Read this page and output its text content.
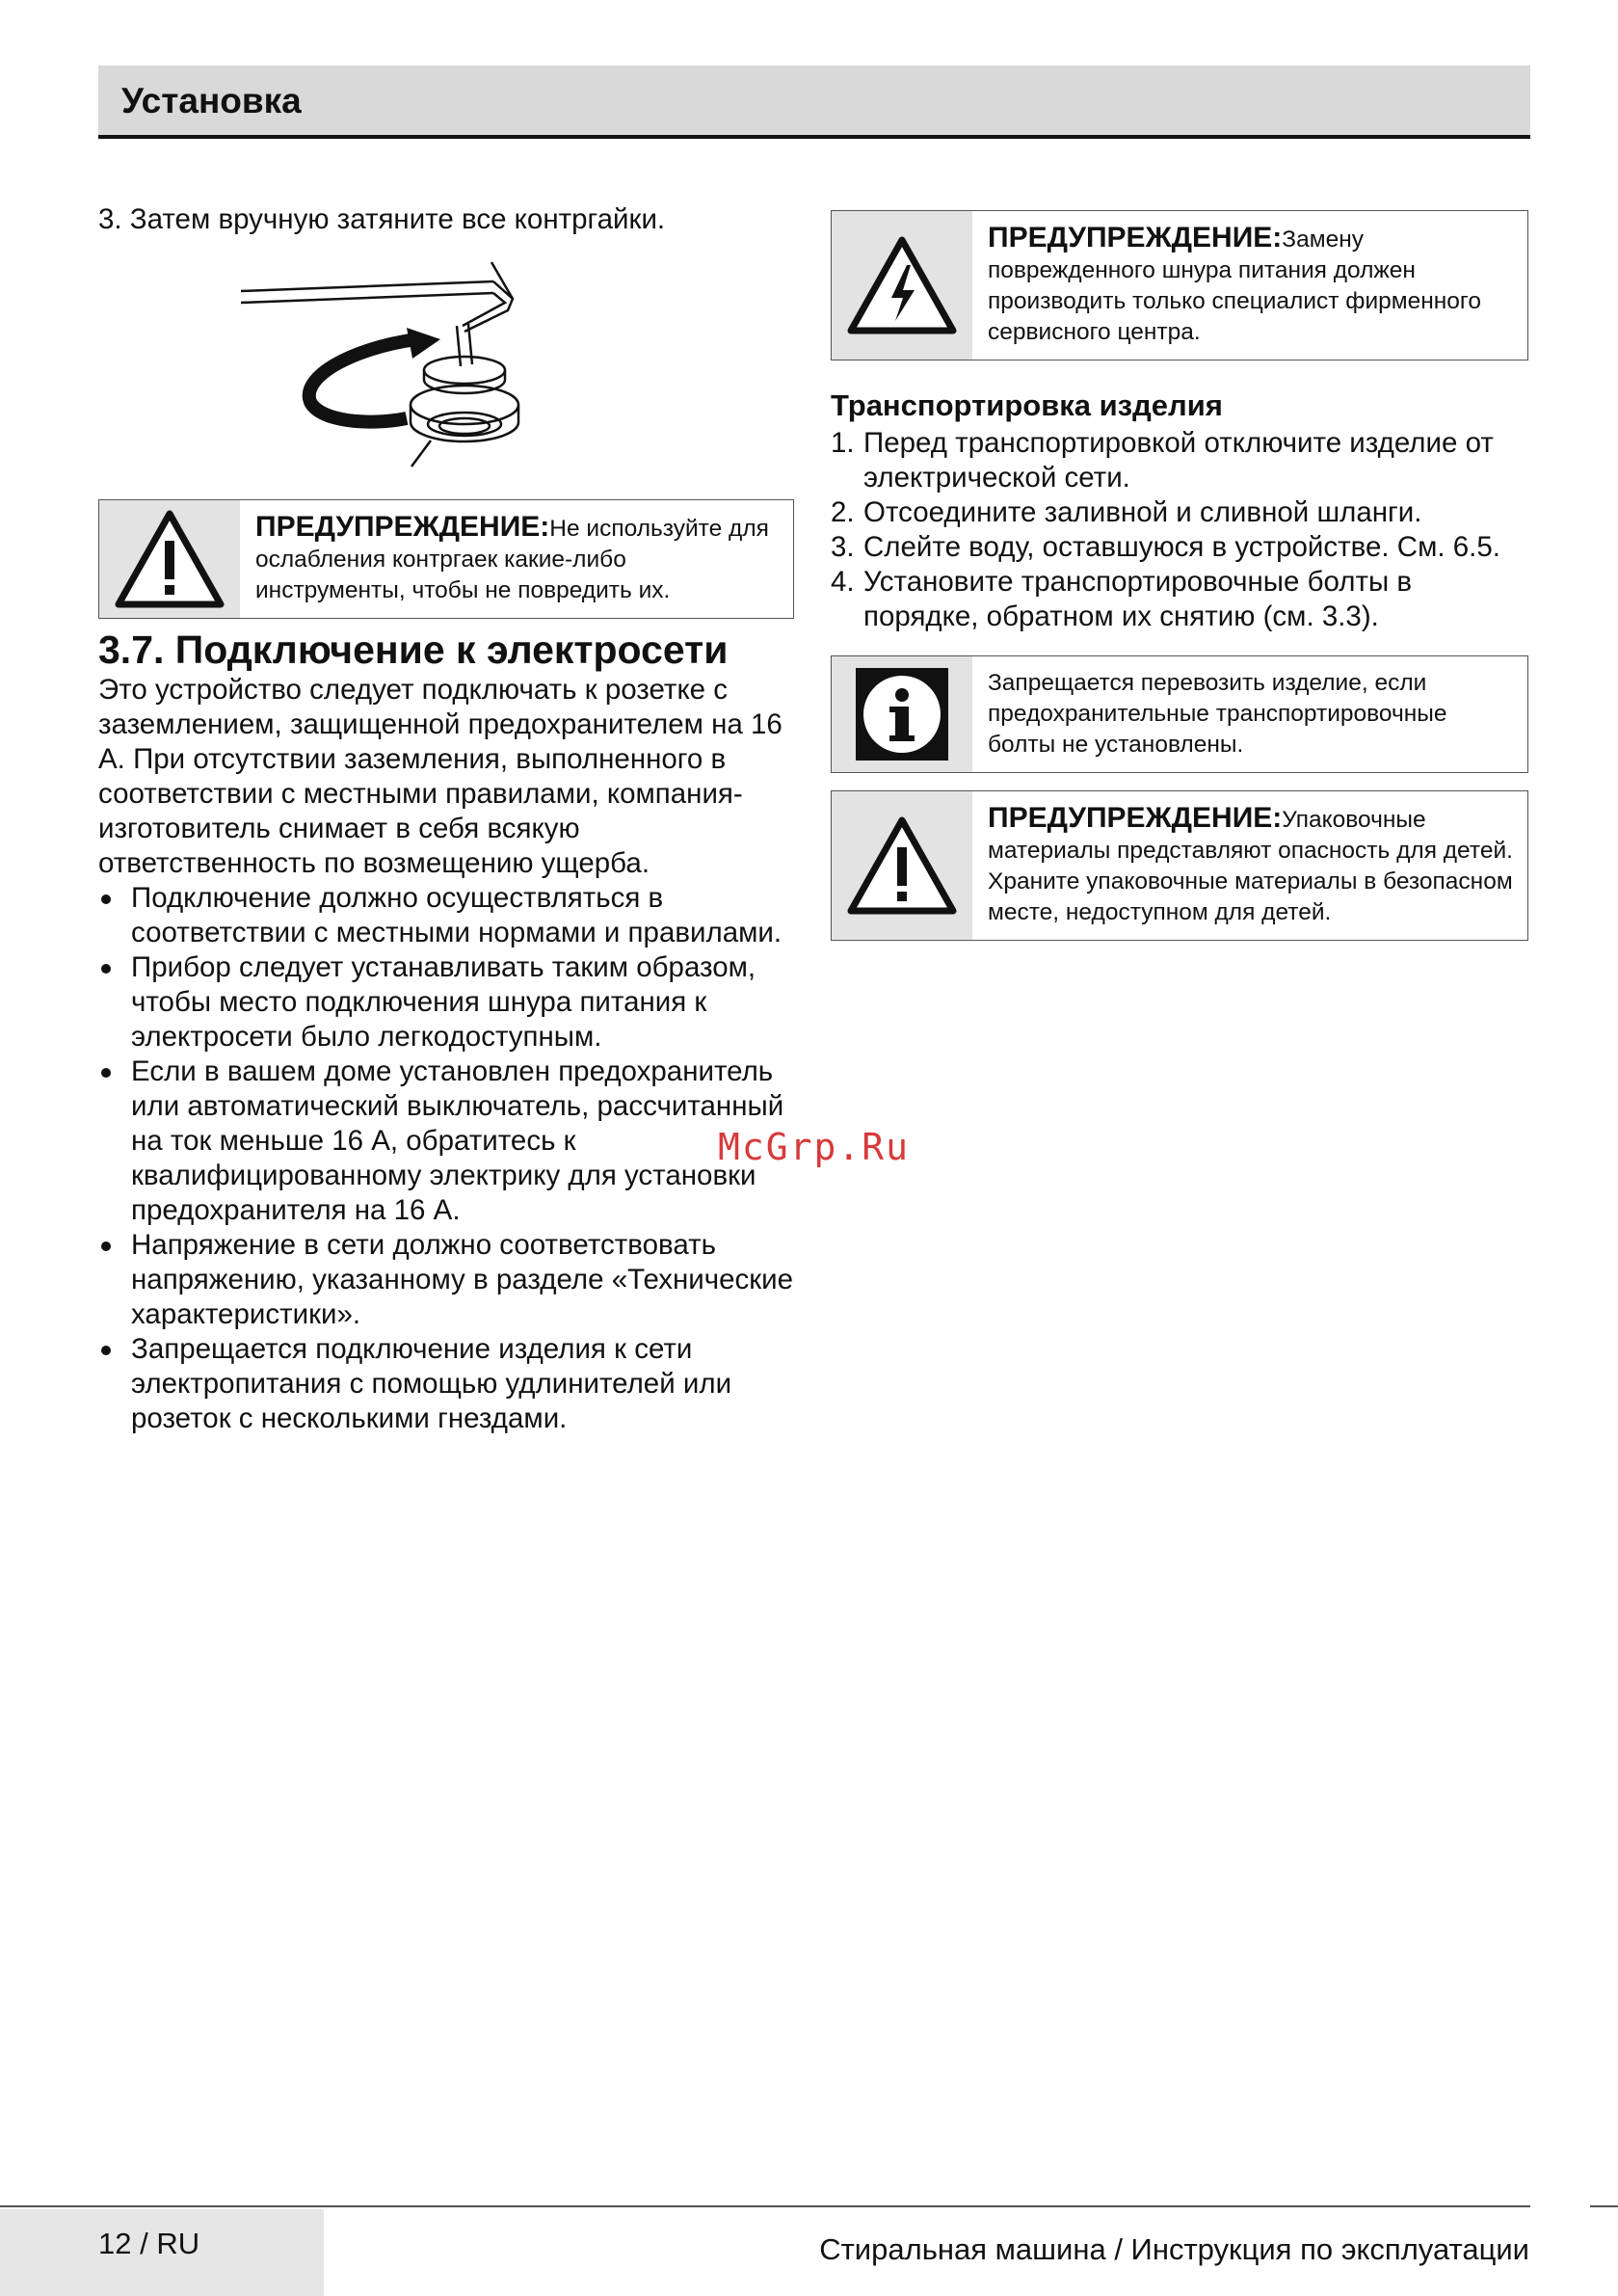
Установка

3. Затем вручную затяните все контргайки.

ПРЕДУПРЕЖДЕНИЕ:Не используйте для ослабления контргаек какие-либо инструменты, чтобы не повредить их.
3.7. Подключение к электросети

Это устройство следует подключать к розетке с заземлением, защищенной предохранителем на 16 А. При отсутствии заземления, выполненного в соответствии с местными правилами, компания-изготовитель снимает в себя всякую ответственность по возмещению ущерба.

Подключение должно осуществляться в соответствии с местными нормами и правилами.
Прибор следует устанавливать таким образом, чтобы место подключения шнура питания к электросети было легкодоступным.
Если в вашем доме установлен предохранитель или автоматический выключатель, рассчитанный на ток меньше 16 А, обратитесь к квалифицированному электрику для установки предохранителя на 16 А.
Напряжение в сети должно соответствовать напряжению, указанному в разделе «Технические характеристики».
Запрещается подключение изделия к сети электропитания с помощью удлинителей или розеток с несколькими гнездами.
ПРЕДУПРЕЖДЕНИЕ:Замену поврежденного шнура питания должен производить только специалист фирменного сервисного центра.
Транспортировка изделия
1. Перед транспортировкой отключите изделие от электрической сети.
2. Отсоедините заливной и сливной шланги.
3. Слейте воду, оставшуюся в устройстве. См. 6.5.
4. Установите транспортировочные болты в порядке, обратном их снятию (см. 3.3).
Запрещается перевозить изделие, если предохранительные транспортировочные болты не установлены.
ПРЕДУПРЕЖДЕНИЕ:Упаковочные материалы представляют опасность для детей. Храните упаковочные материалы в безопасном месте, недоступном для детей.
McGrp.Ru
12 / RU	Стиральная машина / Инструкция по эксплуатации
